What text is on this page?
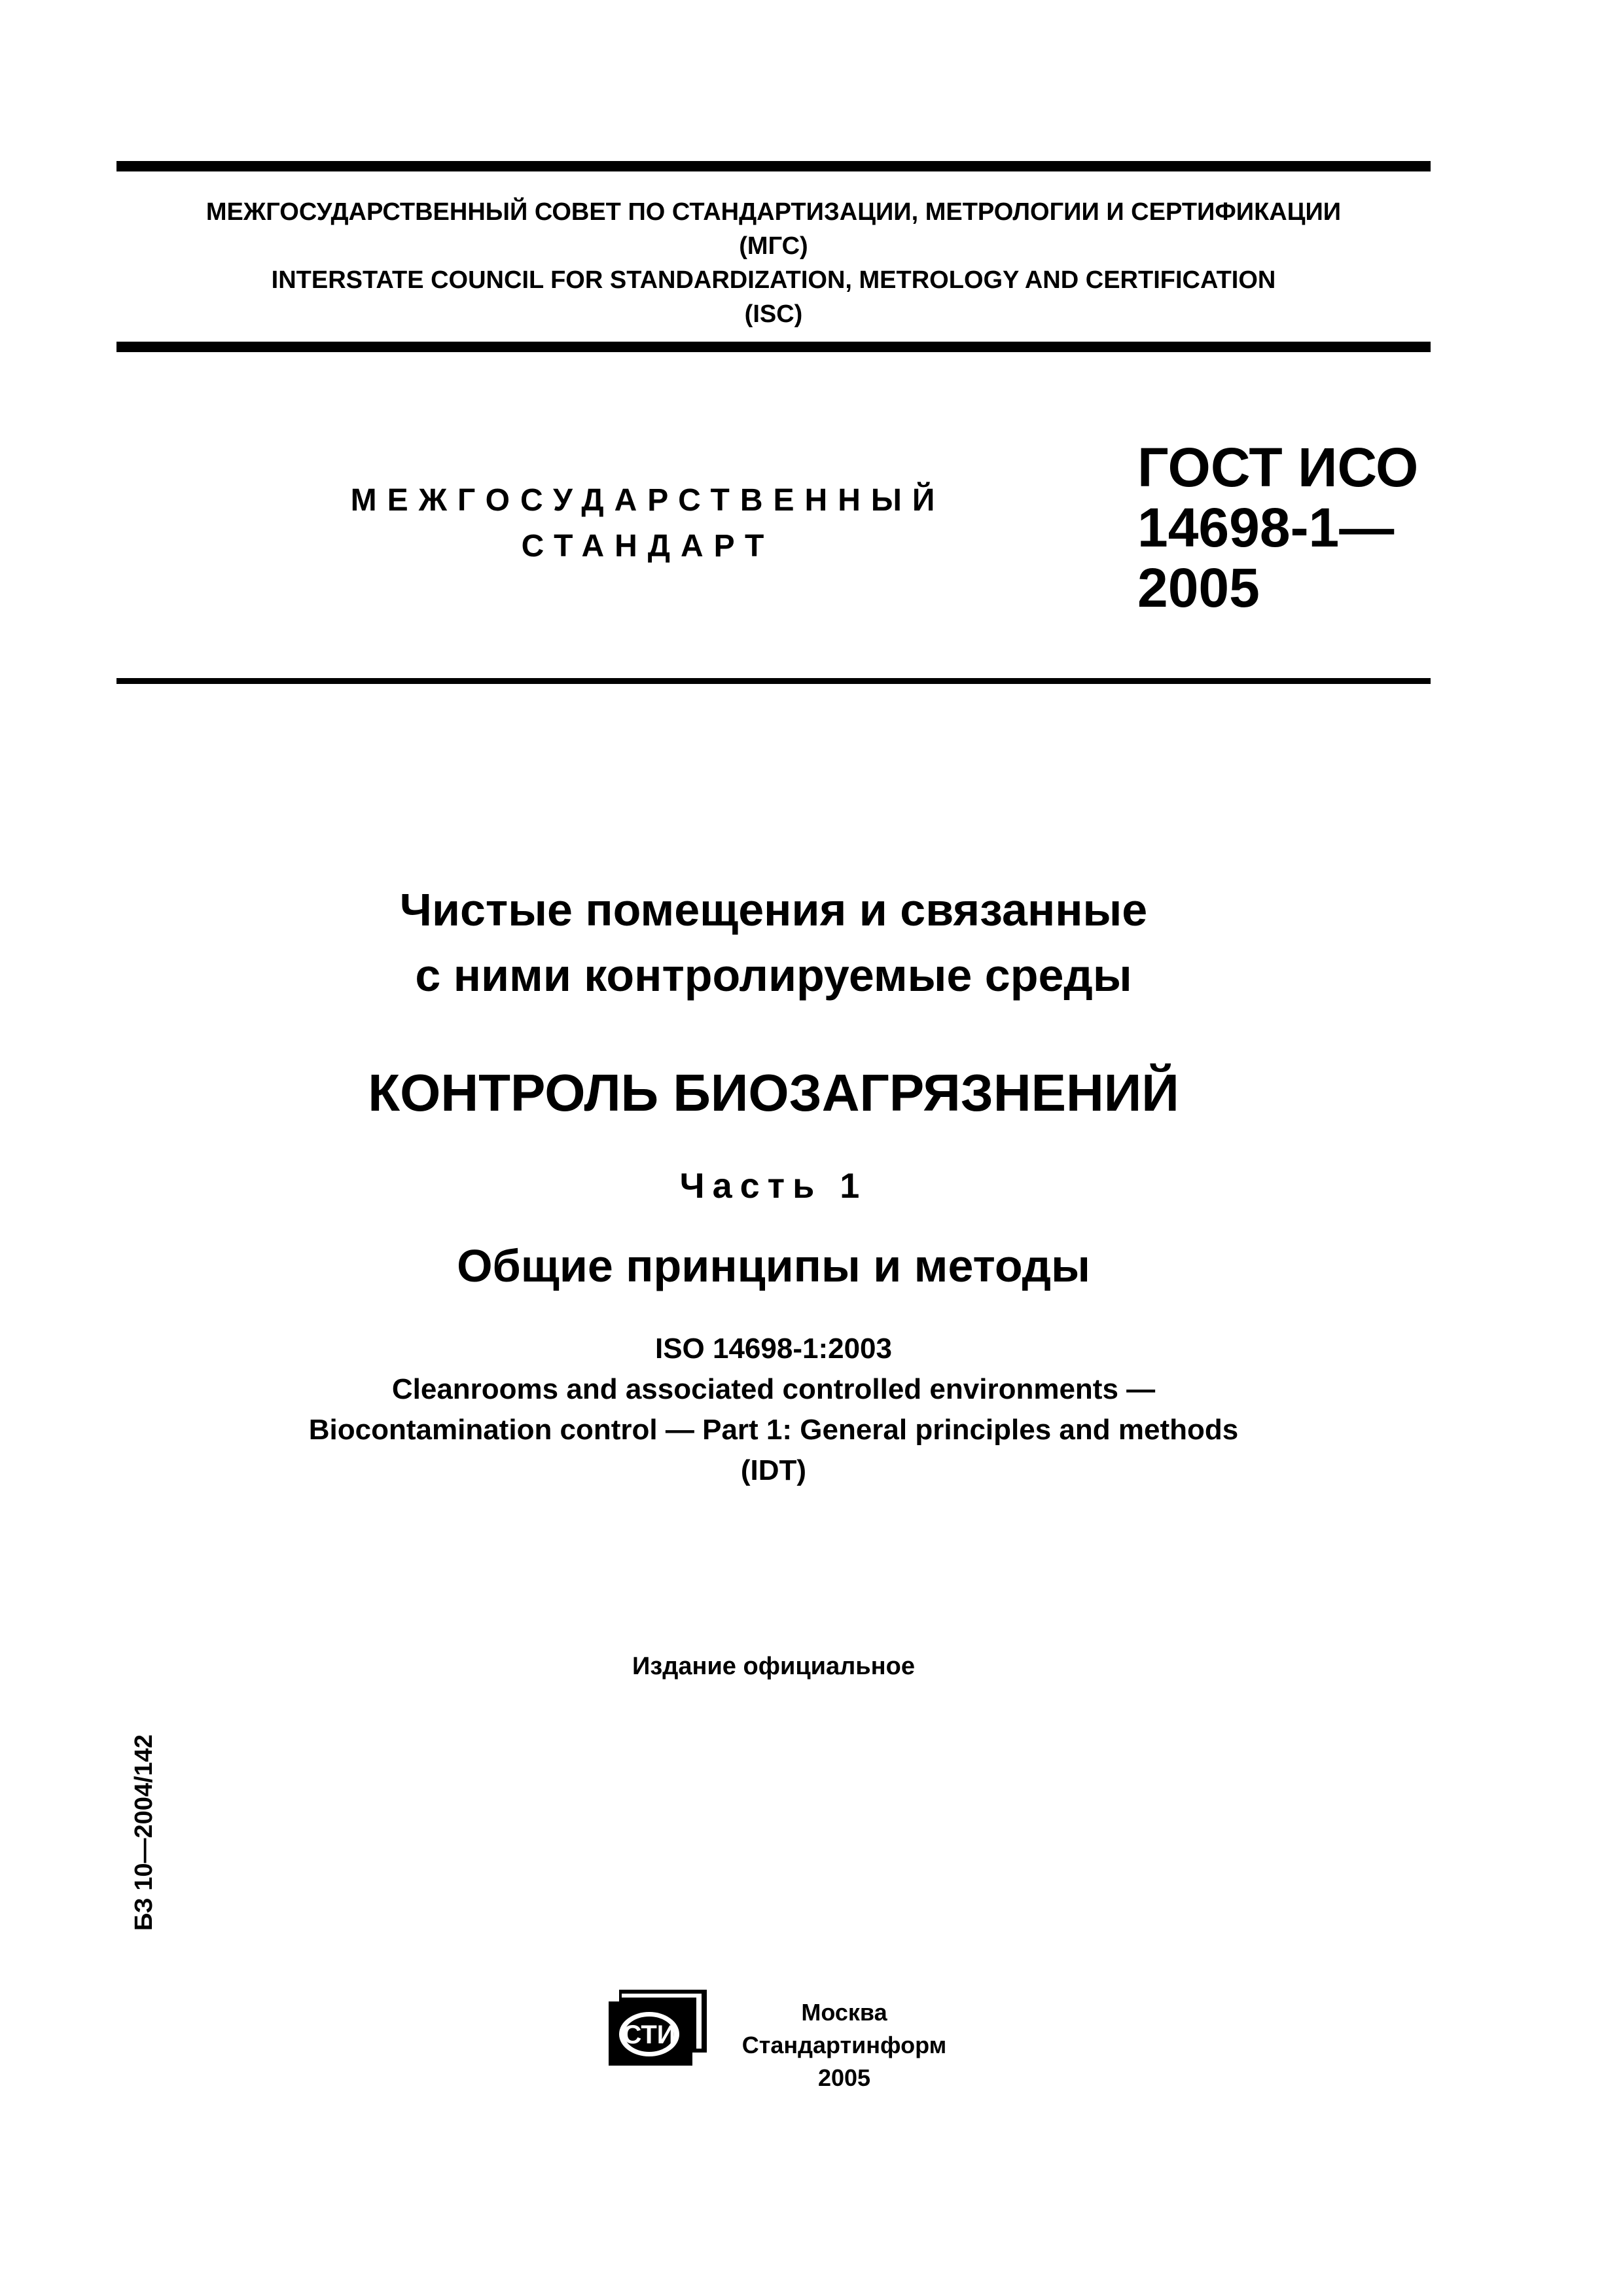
МЕЖГОСУДАРСТВЕННЫЙ СОВЕТ ПО СТАНДАРТИЗАЦИИ, МЕТРОЛОГИИ И СЕРТИФИКАЦИИ
(МГС)
INTERSTATE COUNCIL FOR STANDARDIZATION, METROLOGY AND CERTIFICATION
(ISC)
МЕЖГОСУДАРСТВЕННЫЙ
СТАНДАРТ
ГОСТ ИСО
14698-1—
2005
Чистые помещения и связанные
с ними контролируемые среды
КОНТРОЛЬ БИОЗАГРЯЗНЕНИЙ
Часть 1
Общие принципы и методы
ISO 14698-1:2003
Cleanrooms and associated controlled environments —
Biocontamination control — Part 1: General principles and methods
(IDT)
Издание официальное
БЗ 10—2004/142
СТИ
Москва
Стандартинформ
2005
